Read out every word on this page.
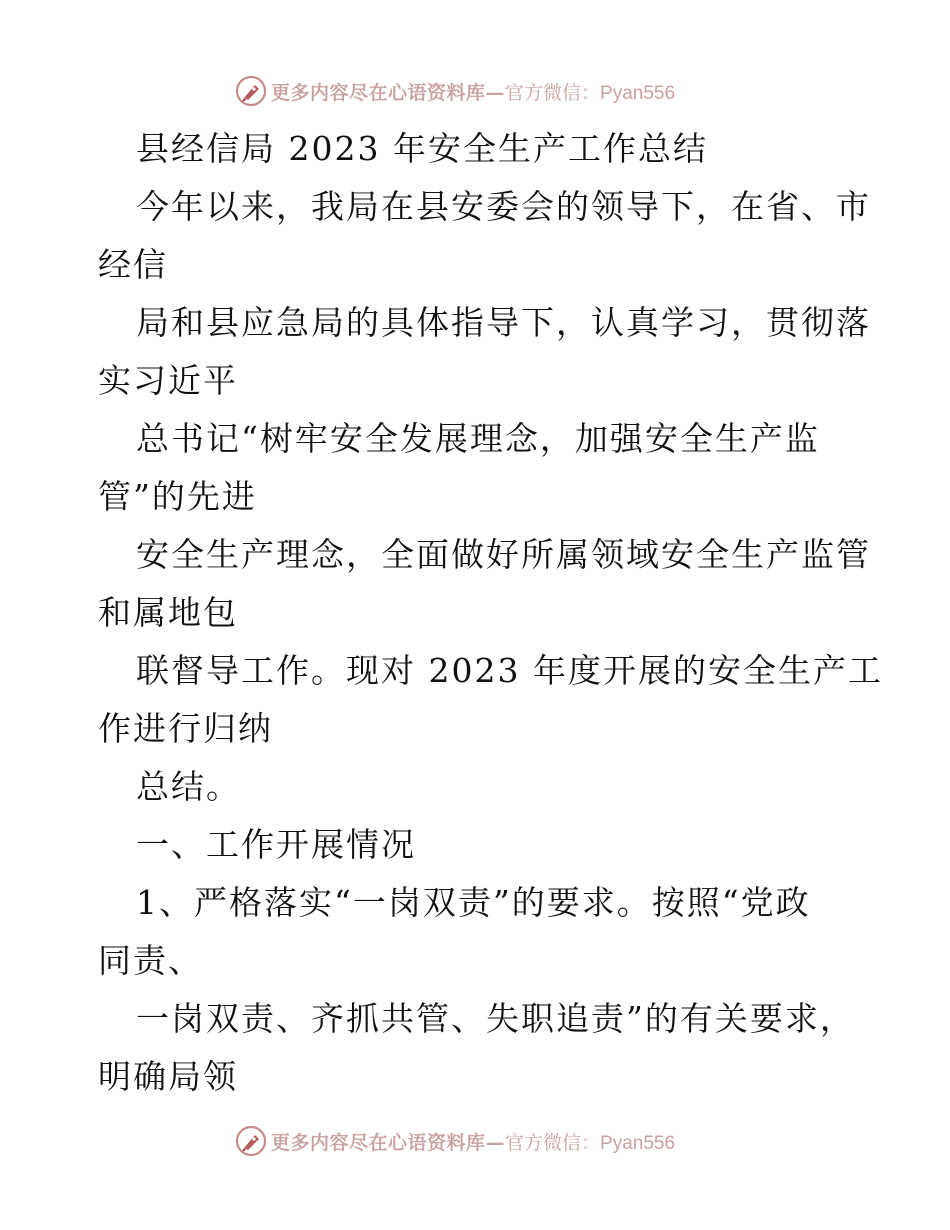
更多内容尽在心语资料库— 官方微信：Pyan556
县经信局 2023 年安全生产工作总结
今年以来，我局在县安委会的领导下，在省、市
经信
局和县应急局的具体指导下，认真学习，贯彻落
实习近平
总书记“树牢安全发展理念，加强安全生产监
管”的先进
安全生产理念，全面做好所属领域安全生产监管
和属地包
联督导工作。现对 2023 年度开展的安全生产工
作进行归纳
总结。
一、工作开展情况
1、严格落实“一岗双责”的要求。按照“党政
同责、
一岗双责、齐抓共管、失职追责”的有关要求，
明确局领
更多内容尽在心语资料库— 官方微信：Pyan556
